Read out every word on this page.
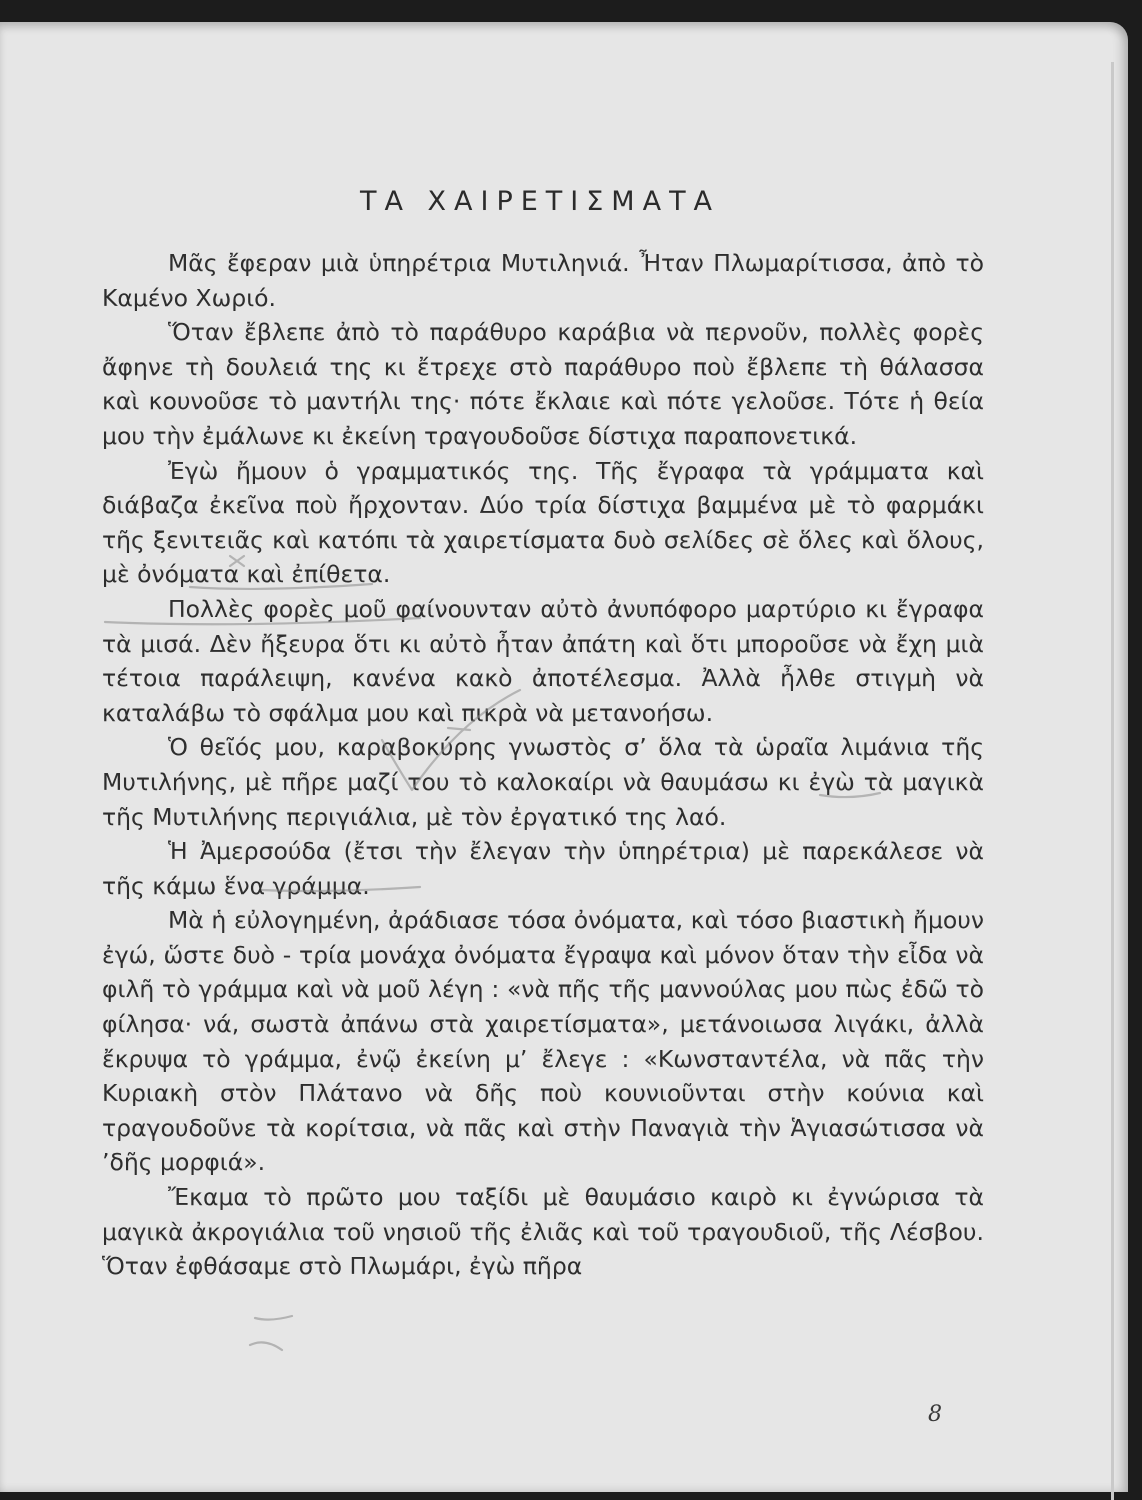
ΤΑ ΧΑΙΡΕΤΙΣΜΑΤΑ

Μᾶς ἔφεραν μιὰ ὑπηρέτρια Μυτιληνιά. Ἦταν Πλωμαρίτισσα, ἀπὸ τὸ Καμένο Χωριό.

Ὅταν ἔβλεπε ἀπὸ τὸ παράθυρο καράβια νὰ περνοῦν, πολλὲς φορὲς ἄφηνε τὴ δουλειά της κι ἔτρεχε στὸ παράθυρο ποὺ ἔβλεπε τὴ θάλασσα καὶ κουνοῦσε τὸ μαντήλι της· πότε ἔκλαιε καὶ πότε γελοῦσε. Τότε ἡ θεία μου τὴν ἐμάλωνε κι ἐκείνη τραγουδοῦσε δίστιχα παραπονετικά.

Ἐγὼ ἤμουν ὁ γραμματικός της. Τῆς ἔγραφα τὰ γράμματα καὶ διάβαζα ἐκεῖνα ποὺ ἤρχονταν. Δύο τρία δίστιχα βαμμένα μὲ τὸ φαρμάκι τῆς ξενιτειᾶς καὶ κατόπι τὰ χαιρετίσματα δυὸ σελίδες σὲ ὅλες καὶ ὅλους, μὲ ὀνόματα καὶ ἐπίθετα.

Πολλὲς φορὲς μοῦ φαίνουνταν αὐτὸ ἀνυπόφορο μαρτύριο κι ἔγραφα τὰ μισά. Δὲν ἤξευρα ὅτι κι αὐτὸ ἦταν ἀπάτη καὶ ὅτι μποροῦσε νὰ ἔχη μιὰ τέτοια παράλειψη, κανένα κακὸ ἀποτέλεσμα. Ἀλλὰ ἦλθε στιγμὴ νὰ καταλάβω τὸ σφάλμα μου καὶ πικρὰ νὰ μετανοήσω.

Ὁ θεῖός μου, καραβοκύρης γνωστὸς σ’ ὅλα τὰ ὡραῖα λιμάνια τῆς Μυτιλήνης, μὲ πῆρε μαζί του τὸ καλοκαίρι νὰ θαυμάσω κι ἐγὼ τὰ μαγικὰ τῆς Μυτιλήνης περιγιάλια, μὲ τὸν ἐργατικό της λαό.

Ἡ Ἀμερσούδα (ἔτσι τὴν ἔλεγαν τὴν ὑπηρέτρια) μὲ παρεκάλεσε νὰ τῆς κάμω ἕνα γράμμα.

Μὰ ἡ εὐλογημένη, ἀράδιασε τόσα ὀνόματα, καὶ τόσο βιαστικὴ ἤμουν ἐγώ, ὥστε δυὸ - τρία μονάχα ὀνόματα ἔγραψα καὶ μόνον ὅταν τὴν εἶδα νὰ φιλῆ τὸ γράμμα καὶ νὰ μοῦ λέγη : «νὰ πῆς τῆς μαννούλας μου πὼς ἐδῶ τὸ φίλησα· νά, σωστὰ ἀπάνω στὰ χαιρετίσματα», μετάνοιωσα λιγάκι, ἀλλὰ ἔκρυψα τὸ γράμμα, ἐνῷ ἐκείνη μ’ ἔλεγε : «Κωνσταντέλα, νὰ πᾶς τὴν Κυριακὴ στὸν Πλάτανο νὰ δῆς ποὺ κουνιοῦνται στὴν κούνια καὶ τραγουδοῦνε τὰ κορίτσια, νὰ πᾶς καὶ στὴν Παναγιὰ τὴν Ἁγιασώτισσα νὰ ’δῆς μορφιά».

Ἔκαμα τὸ πρῶτο μου ταξίδι μὲ θαυμάσιο καιρὸ κι ἐγνώρισα τὰ μαγικὰ ἀκρογιάλια τοῦ νησιοῦ τῆς ἐλιᾶς καὶ τοῦ τραγουδιοῦ, τῆς Λέσβου. Ὅταν ἐφθάσαμε στὸ Πλωμάρι, ἐγὼ πῆρα

8
